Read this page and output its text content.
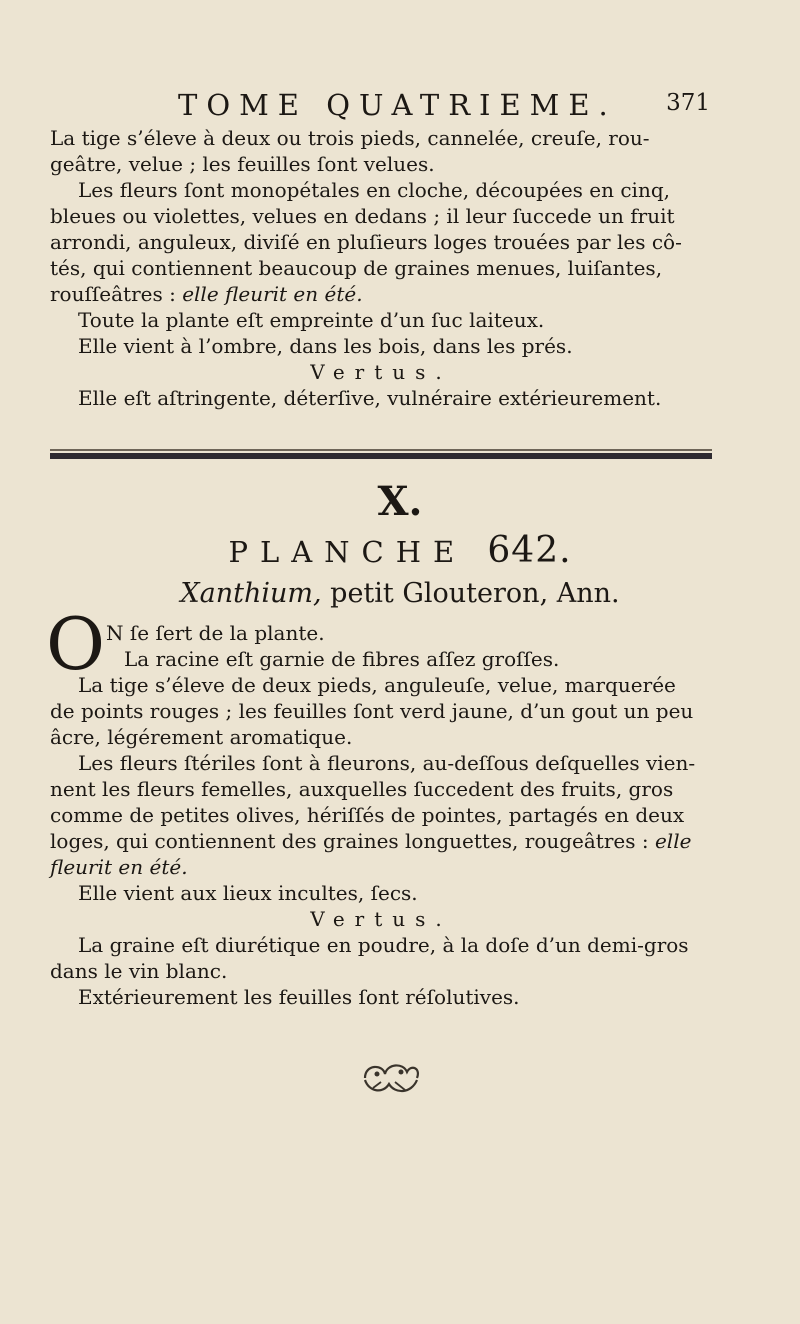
TOME QUATRIEME. 371
La tige s’éleve à deux ou trois pieds, cannelée, creuſe, rou-
geâtre, velue ; les feuilles ſont velues.
Les fleurs ſont monopétales en cloche, découpées en cinq,
bleues ou violettes, velues en dedans ; il leur ſuccede un fruit
arrondi, anguleux, diviſé en pluſieurs loges trouées par les cô-
tés, qui contiennent beaucoup de graines menues, luiſantes,
rouſſeâtres : elle fleurit en été.
Toute la plante eſt empreinte d’un ſuc laiteux.
Elle vient à l’ombre, dans les bois, dans les prés.
Vertus.
Elle eſt aſtringente, déterſive, vulnéraire extérieurement.
X.
PLANCHE 642.
Xanthium, petit Glouteron, Ann.
O N ſe ſert de la plante.
La racine eſt garnie de fibres aſſez groſſes.
La tige s’éleve de deux pieds, anguleuſe, velue, marquerée
de points rouges ; les feuilles ſont verd jaune, d’un gout un peu
âcre, légérement aromatique.
Les fleurs ſtériles ſont à fleurons, au-deſſous deſquelles vien-
nent les fleurs femelles, auxquelles ſuccedent des fruits, gros
comme de petites olives, hériſſés de pointes, partagés en deux
loges, qui contiennent des graines longuettes, rougeâtres : elle
fleurit en été.
Elle vient aux lieux incultes, ſecs.
Vertus.
La graine eſt diurétique en poudre, à la doſe d’un demi-gros
dans le vin blanc.
Extérieurement les feuilles ſont réſolutives.
